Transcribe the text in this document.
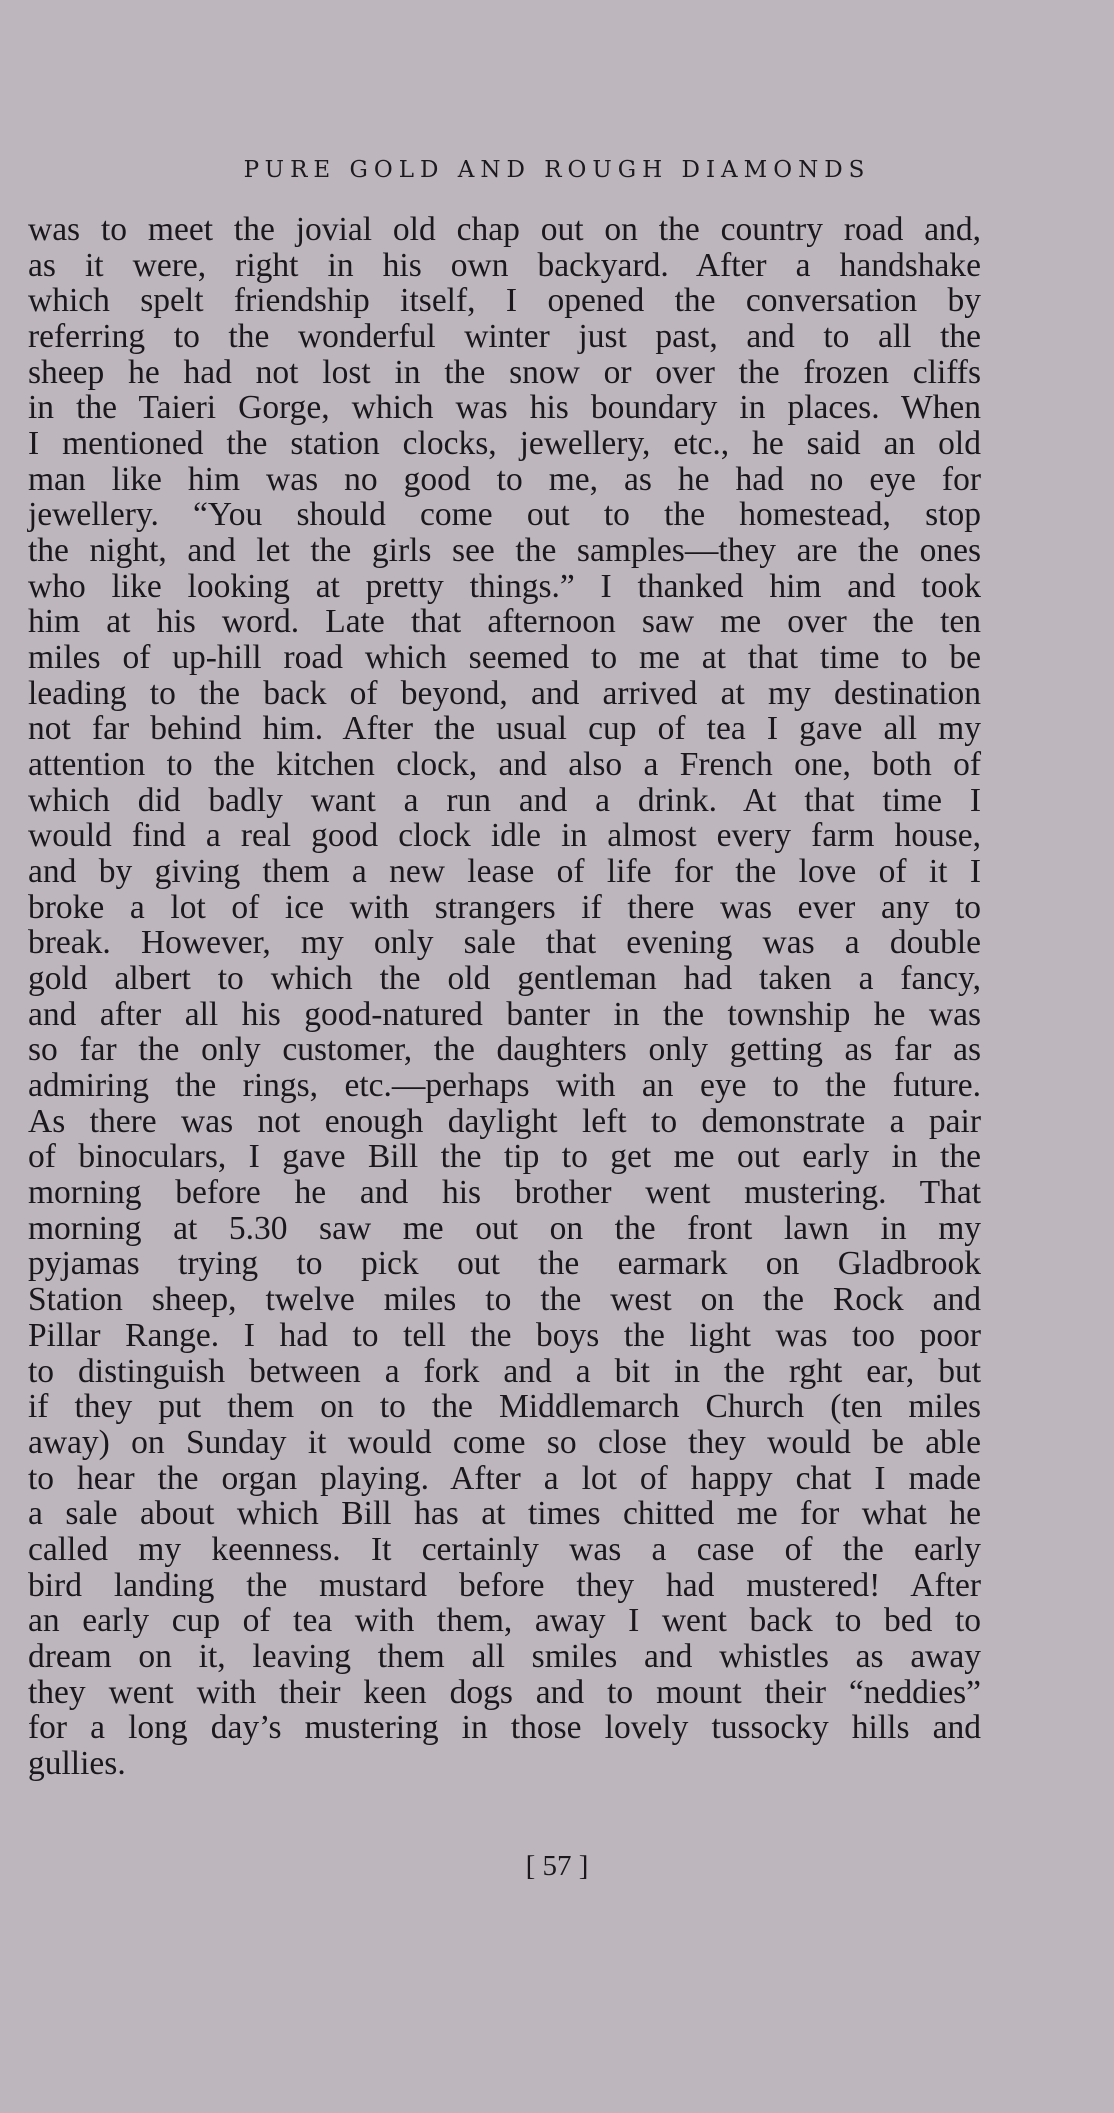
PURE GOLD AND ROUGH DIAMONDS
was to meet the jovial old chap out on the country road and,
as it were, right in his own backyard. After a handshake
which spelt friendship itself, I opened the conversation by
referring to the wonderful winter just past, and to all the
sheep he had not lost in the snow or over the frozen cliffs
in the Taieri Gorge, which was his boundary in places. When
I mentioned the station clocks, jewellery, etc., he said an old
man like him was no good to me, as he had no eye for
jewellery. “You should come out to the homestead, stop
the night, and let the girls see the samples—they are the ones
who like looking at pretty things.” I thanked him and took
him at his word. Late that afternoon saw me over the ten
miles of up-hill road which seemed to me at that time to be
leading to the back of beyond, and arrived at my destination
not far behind him. After the usual cup of tea I gave all my
attention to the kitchen clock, and also a French one, both of
which did badly want a run and a drink. At that time I
would find a real good clock idle in almost every farm house,
and by giving them a new lease of life for the love of it I
broke a lot of ice with strangers if there was ever any to
break. However, my only sale that evening was a double
gold albert to which the old gentleman had taken a fancy,
and after all his good-natured banter in the township he was
so far the only customer, the daughters only getting as far as
admiring the rings, etc.—perhaps with an eye to the future.
As there was not enough daylight left to demonstrate a pair
of binoculars, I gave Bill the tip to get me out early in the
morning before he and his brother went mustering. That
morning at 5.30 saw me out on the front lawn in my
pyjamas trying to pick out the earmark on Gladbrook
Station sheep, twelve miles to the west on the Rock and
Pillar Range. I had to tell the boys the light was too poor
to distinguish between a fork and a bit in the rght ear, but
if they put them on to the Middlemarch Church (ten miles
away) on Sunday it would come so close they would be able
to hear the organ playing. After a lot of happy chat I made
a sale about which Bill has at times chitted me for what he
called my keenness. It certainly was a case of the early
bird landing the mustard before they had mustered! After
an early cup of tea with them, away I went back to bed to
dream on it, leaving them all smiles and whistles as away
they went with their keen dogs and to mount their “neddies”
for a long day’s mustering in those lovely tussocky hills and
gullies.
[ 57 ]
